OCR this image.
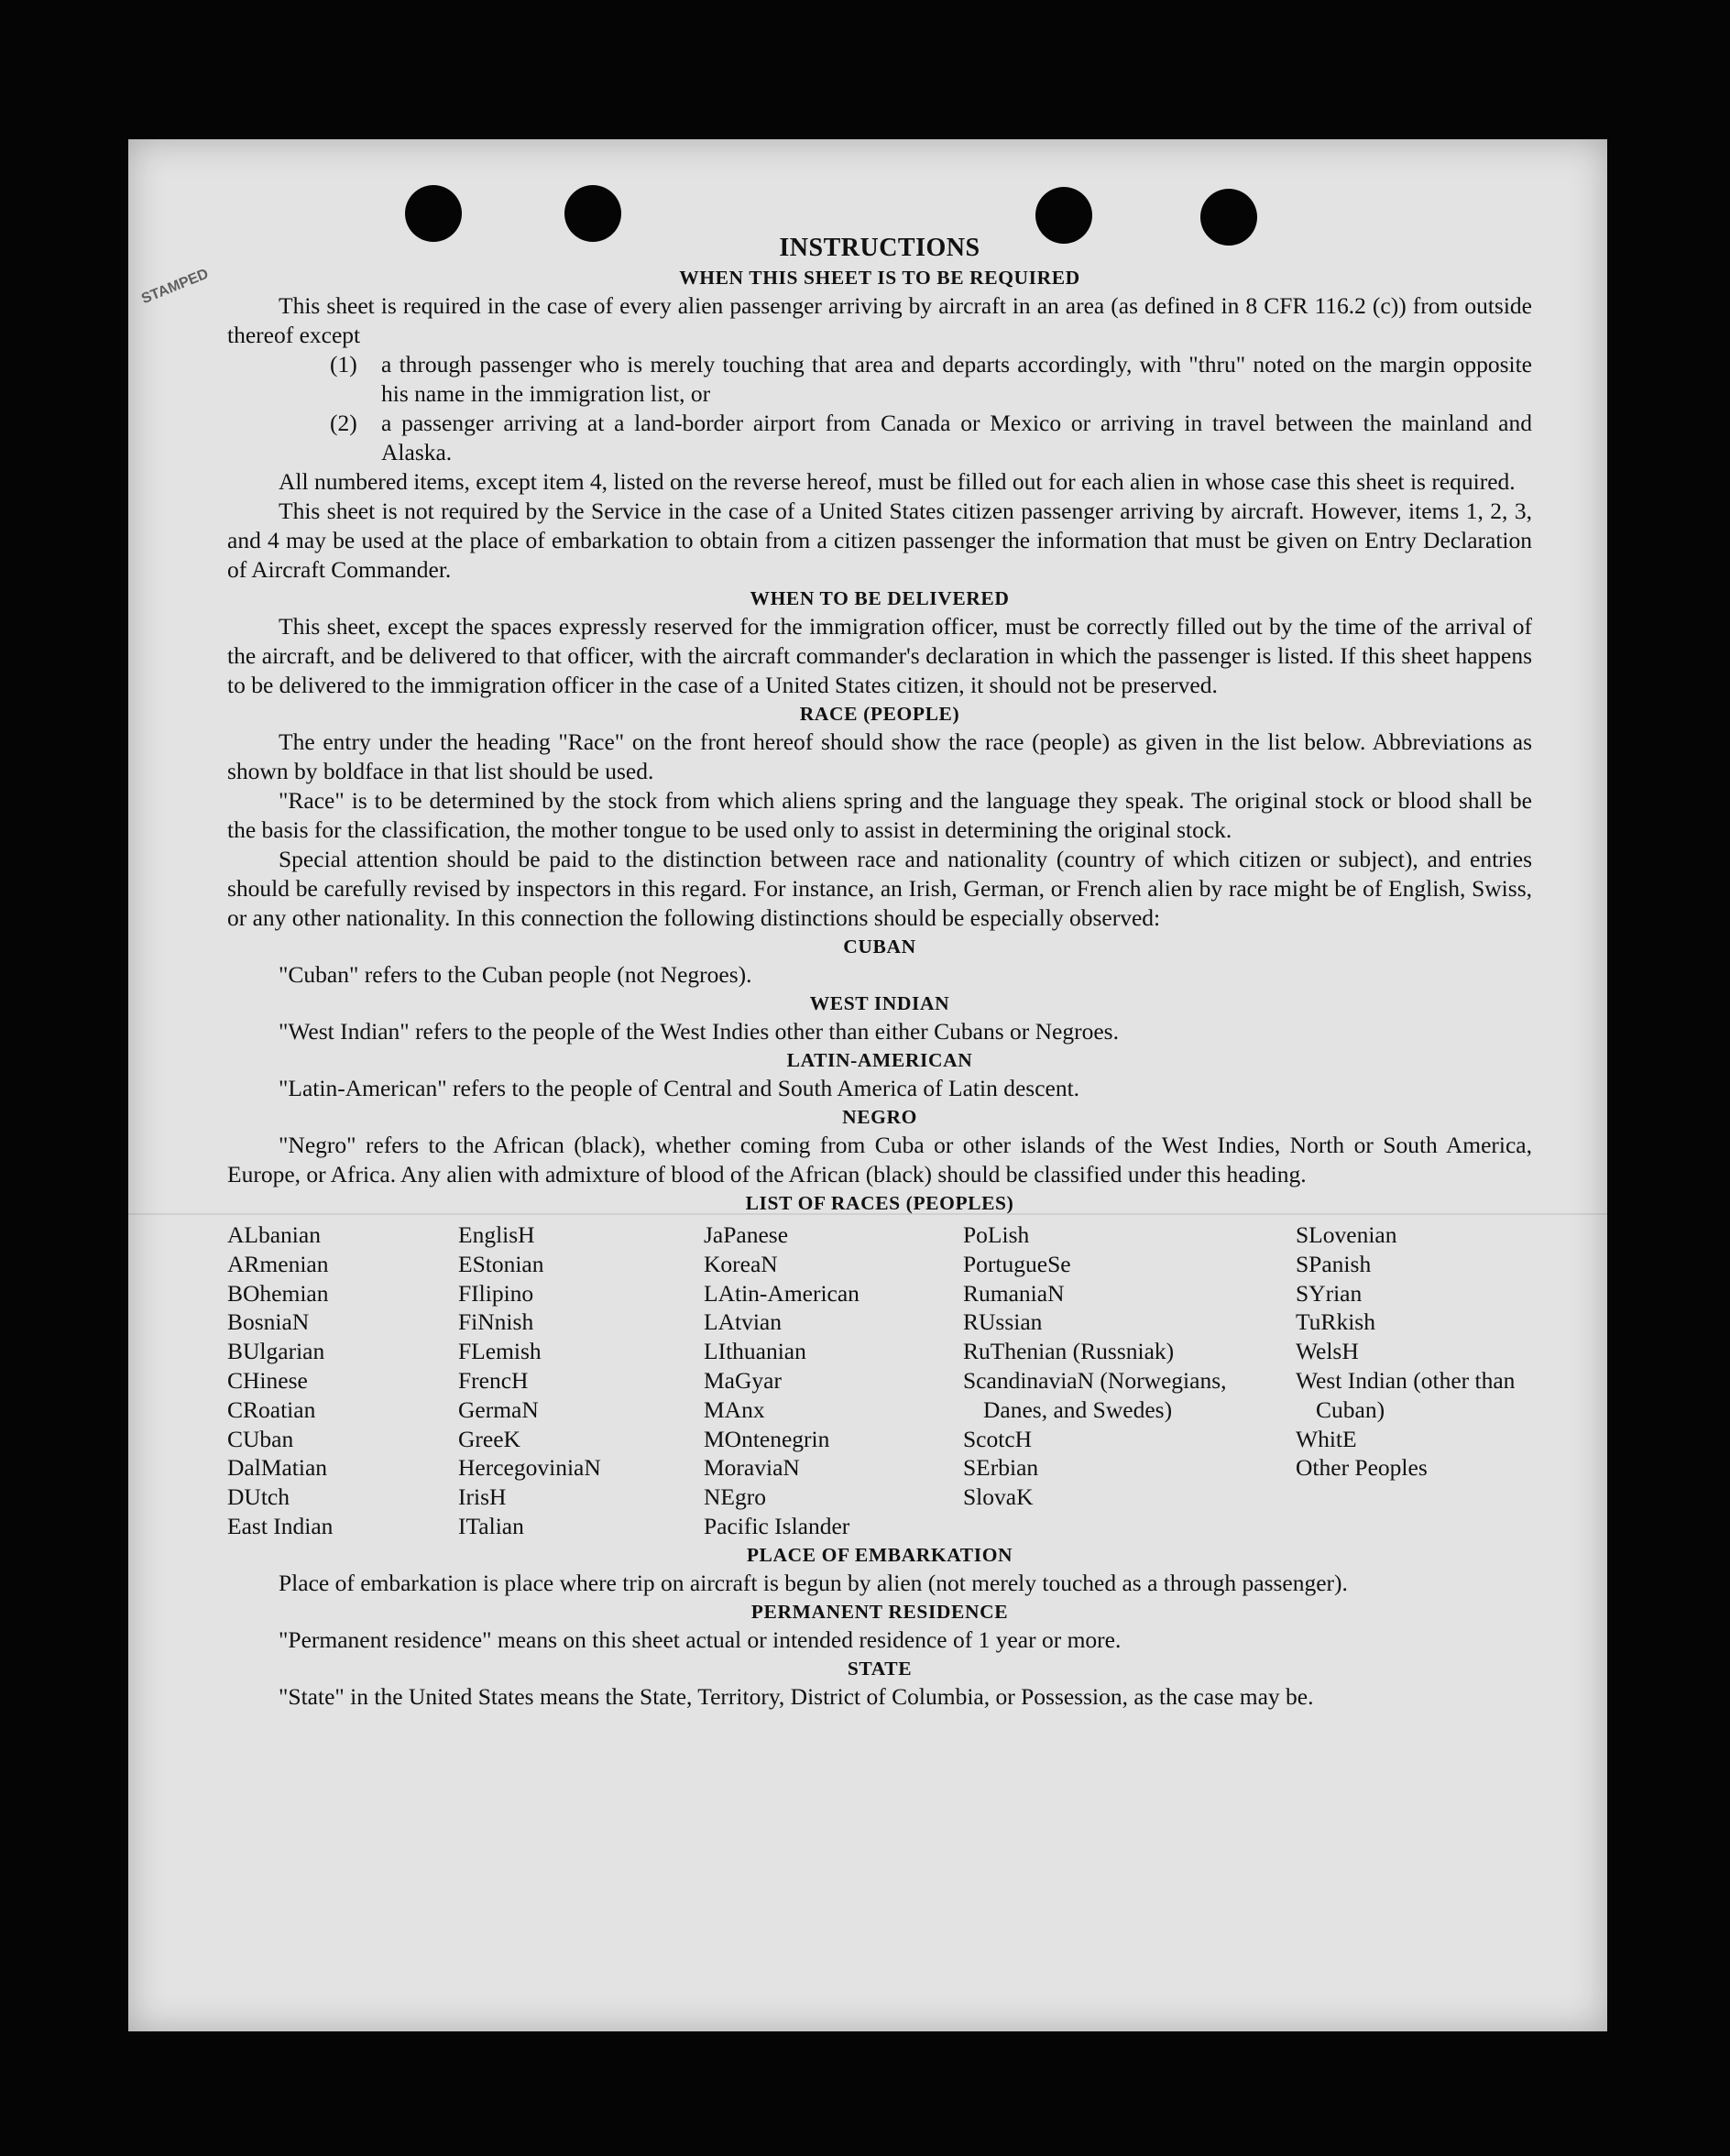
STAMPED
INSTRUCTIONS
WHEN THIS SHEET IS TO BE REQUIRED

This sheet is required in the case of every alien passenger arriving by aircraft in an area (as defined in 8 CFR 116.2 (c)) from outside thereof except

(1) a through passenger who is merely touching that area and departs accordingly, with "thru" noted on the margin opposite his name in the immigration list, or

(2) a passenger arriving at a land-border airport from Canada or Mexico or arriving in travel between the mainland and Alaska.

All numbered items, except item 4, listed on the reverse hereof, must be filled out for each alien in whose case this sheet is required.

This sheet is not required by the Service in the case of a United States citizen passenger arriving by aircraft. However, items 1, 2, 3, and 4 may be used at the place of embarkation to obtain from a citizen passenger the information that must be given on Entry Declaration of Aircraft Commander.

WHEN TO BE DELIVERED

This sheet, except the spaces expressly reserved for the immigration officer, must be correctly filled out by the time of the arrival of the aircraft, and be delivered to that officer, with the aircraft commander's declaration in which the passenger is listed. If this sheet happens to be delivered to the immigration officer in the case of a United States citizen, it should not be preserved.

RACE (PEOPLE)

The entry under the heading "Race" on the front hereof should show the race (people) as given in the list below. Abbreviations as shown by boldface in that list should be used.

"Race" is to be determined by the stock from which aliens spring and the language they speak. The original stock or blood shall be the basis for the classification, the mother tongue to be used only to assist in determining the original stock.

Special attention should be paid to the distinction between race and nationality (country of which citizen or subject), and entries should be carefully revised by inspectors in this regard. For instance, an Irish, German, or French alien by race might be of English, Swiss, or any other nationality. In this connection the following distinctions should be especially observed:

CUBAN

"Cuban" refers to the Cuban people (not Negroes).

WEST INDIAN

"West Indian" refers to the people of the West Indies other than either Cubans or Negroes.

LATIN-AMERICAN

"Latin-American" refers to the people of Central and South America of Latin descent.

NEGRO

"Negro" refers to the African (black), whether coming from Cuba or other islands of the West Indies, North or South America, Europe, or Africa. Any alien with admixture of blood of the African (black) should be classified under this heading.

LIST OF RACES (PEOPLES)
ALbanian
ARmenian
BOhemian
BosniaN
BUlgarian
CHinese
CRoatian
CUban
DalMatian
DUtch
East Indian
EnglisH
EStonian
FIlipino
FiNnish
FLemish
FrencH
GermaN
GreeK
HercegoviniaN
IrisH
ITalian
JaPanese
KoreaN
LAtin-American
LAtvian
LIthuanian
MaGyar
MAnx
MOntenegrin
MoraviaN
NEgro
Pacific Islander
PoLish
PortugueSe
RumaniaN
RUssian
RuThenian (Russniak)
ScandinaviaN (Norwegians, Danes, and Swedes)
ScotcH
SErbian
SlovaK
SLovenian
SPanish
SYrian
TuRkish
WelsH
West Indian (other than Cuban)
WhitE
Other Peoples
PLACE OF EMBARKATION

Place of embarkation is place where trip on aircraft is begun by alien (not merely touched as a through passenger).

PERMANENT RESIDENCE

"Permanent residence" means on this sheet actual or intended residence of 1 year or more.

STATE

"State" in the United States means the State, Territory, District of Columbia, or Possession, as the case may be.
